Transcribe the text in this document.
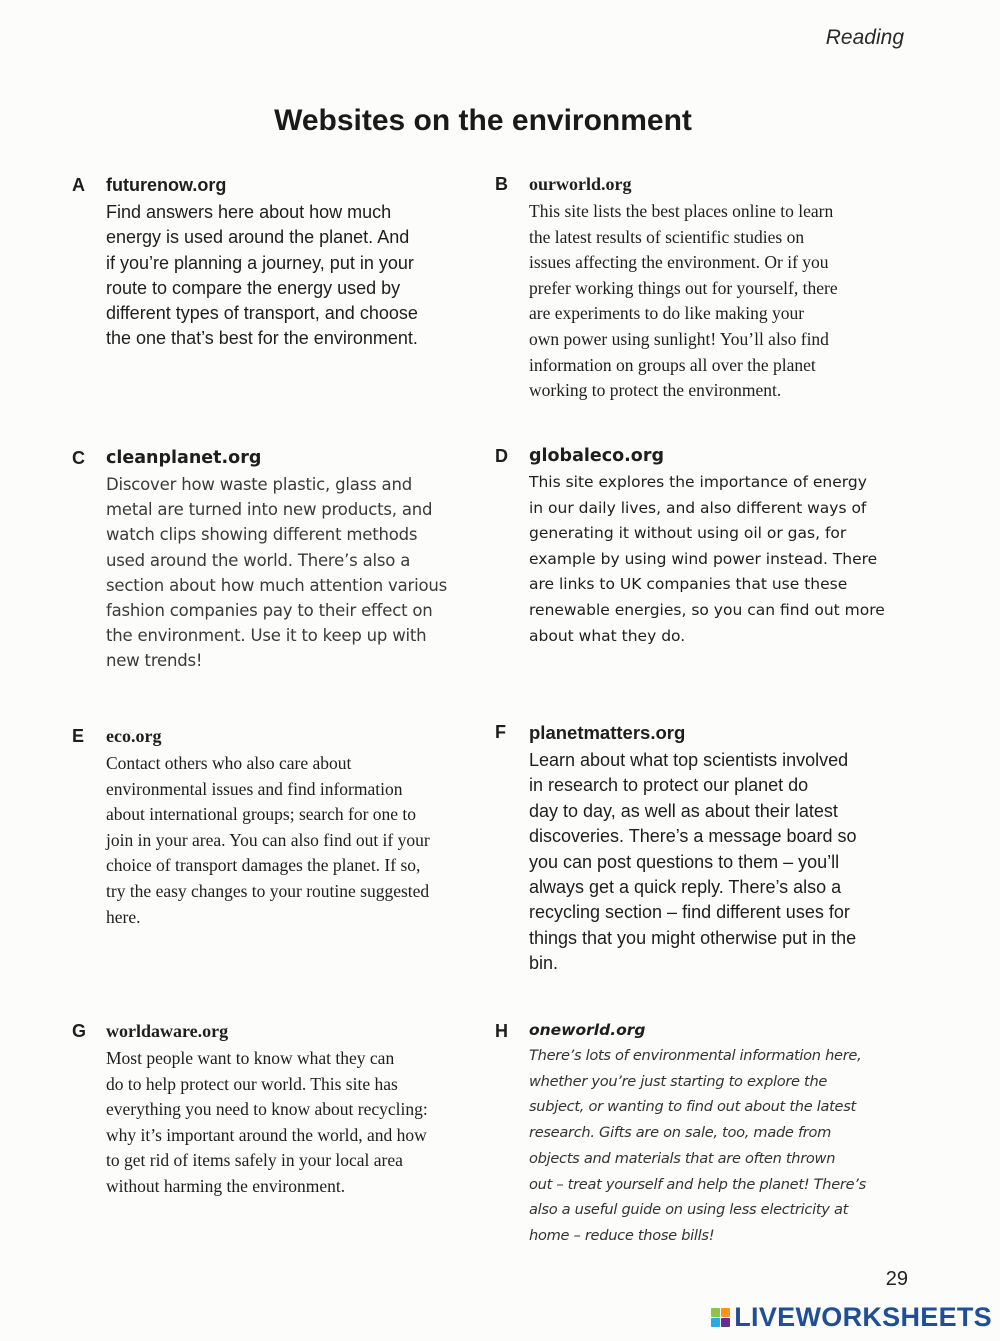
Reading
Websites on the environment
A futurenow.org
Find answers here about how much
energy is used around the planet. And
if you’re planning a journey, put in your
route to compare the energy used by
different types of transport, and choose
the one that’s best for the environment.
B ourworld.org
This site lists the best places online to learn
the latest results of scientific studies on
issues affecting the environment. Or if you
prefer working things out for yourself, there
are experiments to do like making your
own power using sunlight! You’ll also find
information on groups all over the planet
working to protect the environment.
C cleanplanet.org
Discover how waste plastic, glass and
metal are turned into new products, and
watch clips showing different methods
used around the world. There’s also a
section about how much attention various
fashion companies pay to their effect on
the environment. Use it to keep up with
new trends!
D globaleco.org
This site explores the importance of energy
in our daily lives, and also different ways of
generating it without using oil or gas, for
example by using wind power instead. There
are links to UK companies that use these
renewable energies, so you can find out more
about what they do.
E eco.org
Contact others who also care about
environmental issues and find information
about international groups; search for one to
join in your area. You can also find out if your
choice of transport damages the planet. If so,
try the easy changes to your routine suggested
here.
F planetmatters.org
Learn about what top scientists involved
in research to protect our planet do
day to day, as well as about their latest
discoveries. There’s a message board so
you can post questions to them – you’ll
always get a quick reply. There’s also a
recycling section – find different uses for
things that you might otherwise put in the
bin.
G worldaware.org
Most people want to know what they can
do to help protect our world. This site has
everything you need to know about recycling:
why it’s important around the world, and how
to get rid of items safely in your local area
without harming the environment.
H oneworld.org
There’s lots of environmental information here,
whether you’re just starting to explore the
subject, or wanting to find out about the latest
research. Gifts are on sale, too, made from
objects and materials that are often thrown
out – treat yourself and help the planet! There’s
also a useful guide on using less electricity at
home – reduce those bills!
29
LIVEWORKSHEETS
